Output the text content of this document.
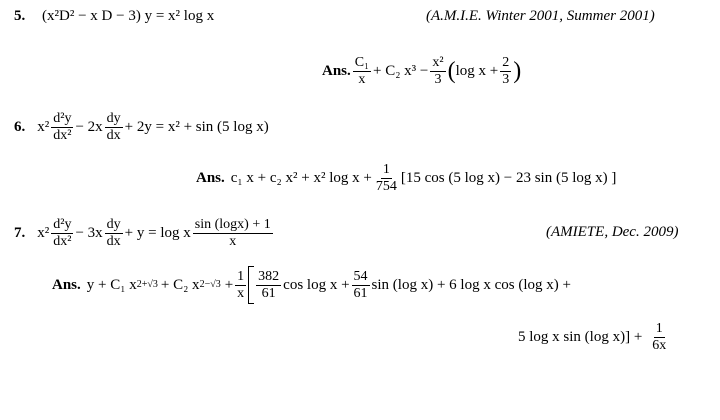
5. (x²D² − x D − 3) y = x² log x	(A.M.I.E. Winter 2001, Summer 2001)
Ans. $\frac{\text{C₁}}{x} + C_2$ $x^3 - \frac{\text{x²}}{3}$ ( $\log x + \frac{2}{3}$ )
6. $x^2 \frac{\text{d²y}}{\text{dx²}} - 2x \frac{dy}{dx} + 2y = x^2 + \sin (5$ log x)
Ans. c₁ x + c₂ x² + x² $\log x + \frac{1}{754} [15$ cos (5 log x) − 23 sin (5 log x) ]
7. $x^2 \frac{\text{d²y}}{\text{dx²}} - 3x \frac{dy}{dx} + y = \log x \frac{\sin (\log x) + 1}{x}$	(AMIETE, Dec. 2009)
Ans. y + C₁ x 2+√3 + C₂ x $2-√3 + \frac{1}{x} \frac{382}{61}$ $\cos \log x + \frac{54}{61}$ sin (log x) + 6 log x cos (log x) +
5 log x sin (log $x)] + \frac{1}{6x}$
